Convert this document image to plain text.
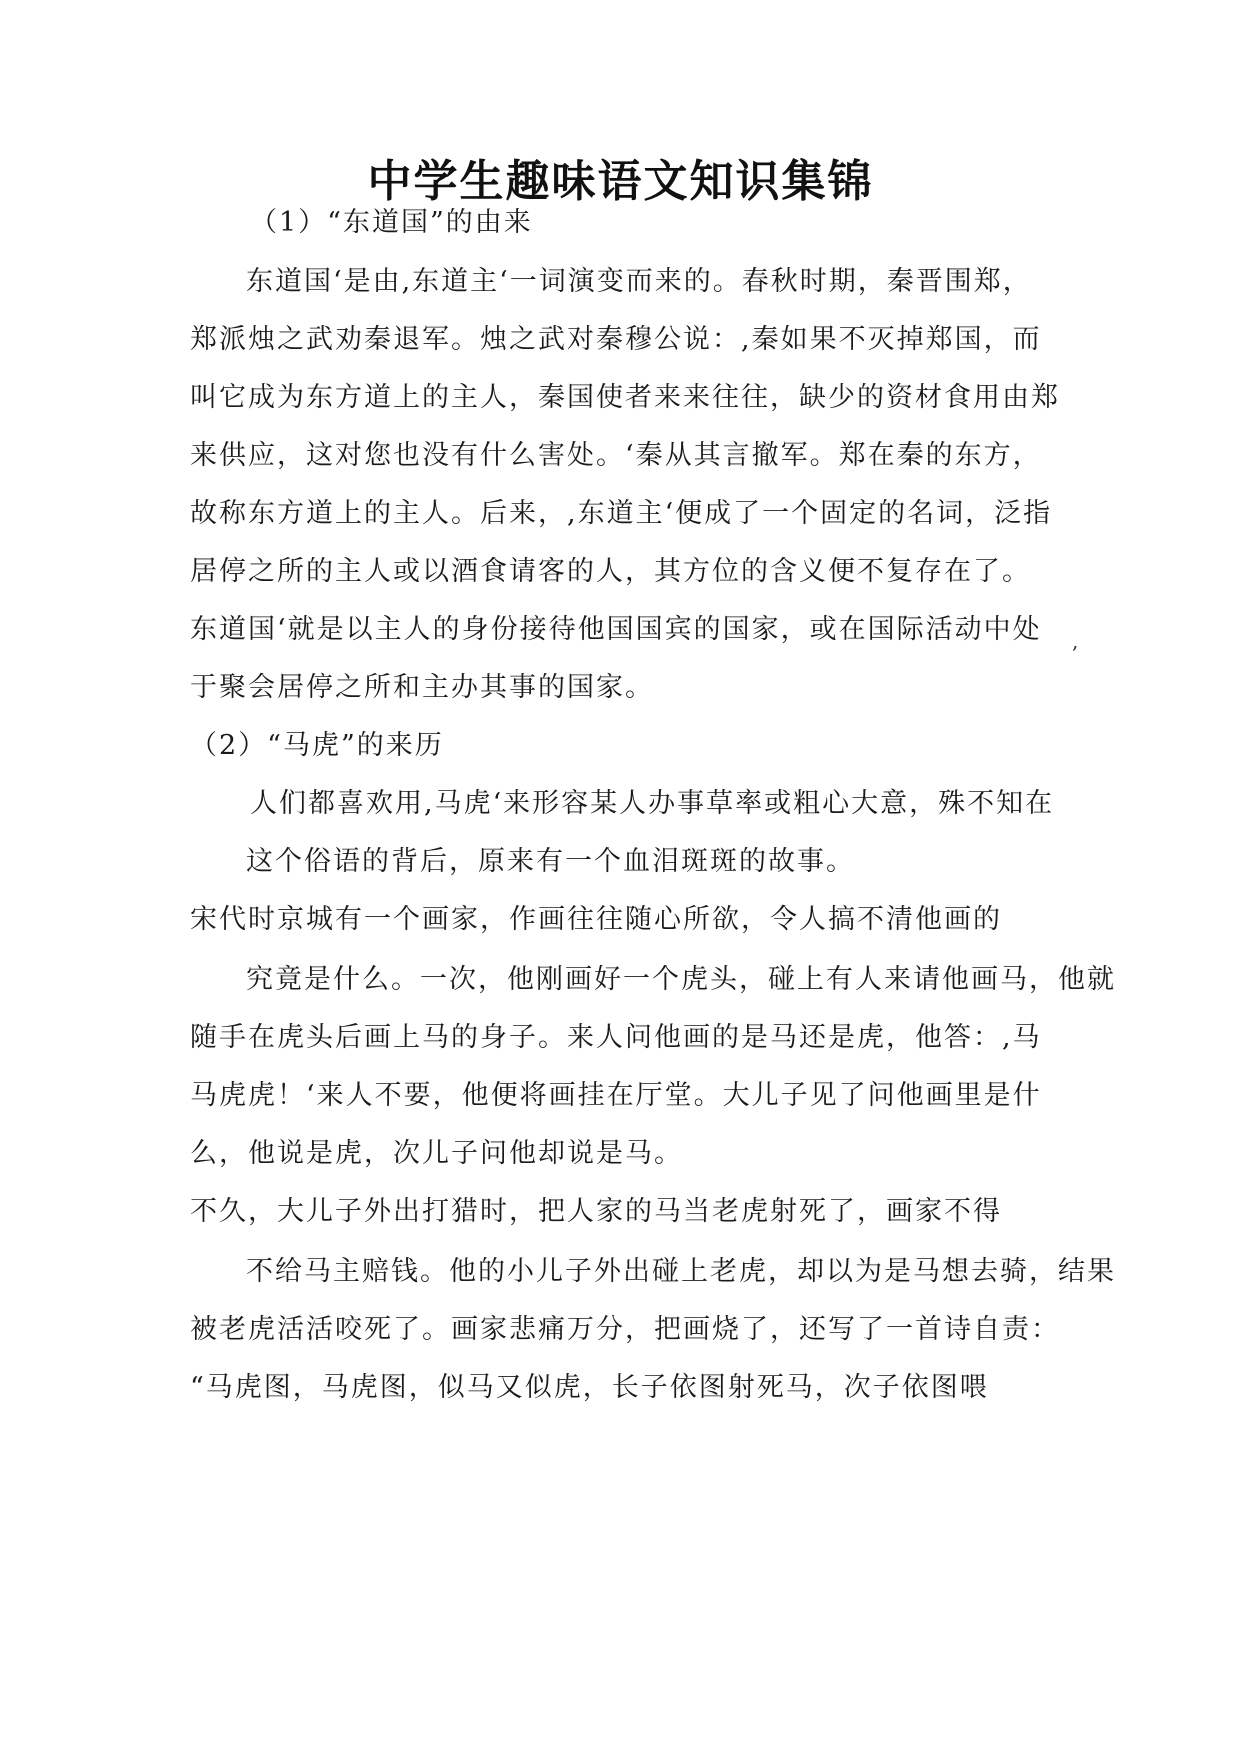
中学生趣味语文知识集锦
（1）“东道国”的由来
东道国‘是由,东道主‘一词演变而来的。春秋时期，秦晋围郑，
郑派烛之武劝秦退军。烛之武对秦穆公说：,秦如果不灭掉郑国，而
叫它成为东方道上的主人，秦国使者来来往往，缺少的资材食用由郑
来供应，这对您也没有什么害处。‘秦从其言撤军。郑在秦的东方，
故称东方道上的主人。后来，,东道主‘便成了一个固定的名词，泛指
居停之所的主人或以酒食请客的人，其方位的含义便不复存在了。
东道国‘就是以主人的身份接待他国国宾的国家，或在国际活动中处
于聚会居停之所和主办其事的国家。
（2）“马虎”的来历
,
人们都喜欢用,马虎‘来形容某人办事草率或粗心大意，殊不知在
这个俗语的背后，原来有一个血泪斑斑的故事。
宋代时京城有一个画家，作画往往随心所欲，令人搞不清他画的
究竟是什么。一次，他刚画好一个虎头，碰上有人来请他画马，他就
随手在虎头后画上马的身子。来人问他画的是马还是虎，他答：,马
马虎虎！‘来人不要，他便将画挂在厅堂。大儿子见了问他画里是什
么，他说是虎，次儿子问他却说是马。
不久，大儿子外出打猎时，把人家的马当老虎射死了，画家不得
不给马主赔钱。他的小儿子外出碰上老虎，却以为是马想去骑，结果
被老虎活活咬死了。画家悲痛万分，把画烧了，还写了一首诗自责：
“马虎图，马虎图，似马又似虎，长子依图射死马，次子依图喂
